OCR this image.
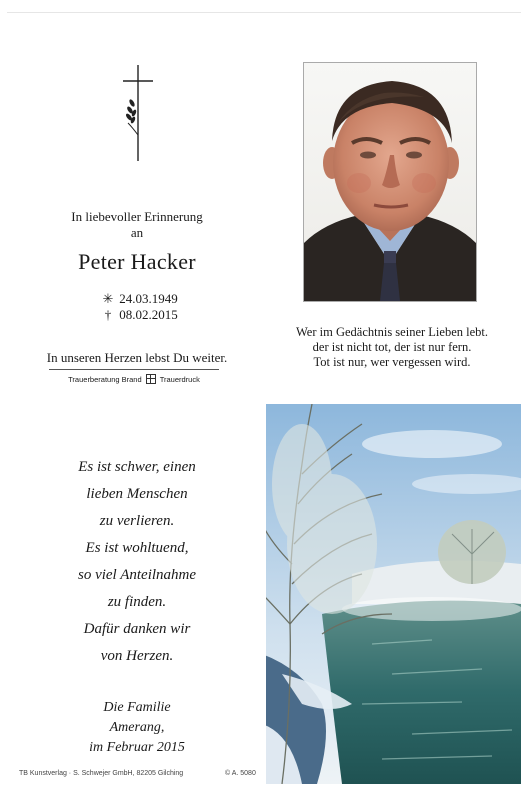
In liebevoller Erinnerung
an
Peter Hacker
✳ 24.03.1949
† 08.02.2015
In unseren Herzen lebst Du weiter.
Trauerberatung Brand Trauerdruck
Wer im Gedächtnis seiner Lieben lebt.
der ist nicht tot, der ist nur fern.
Tot ist nur, wer vergessen wird.
Es ist schwer, einen
lieben Menschen
zu verlieren.
Es ist wohltuend,
so viel Anteilnahme
zu finden.
Dafür danken wir
von Herzen.
Die Familie
Amerang,
im Februar 2015
TB Kunstverlag · S. Schwejer GmbH, 82205 Gilching	© A. 5080
